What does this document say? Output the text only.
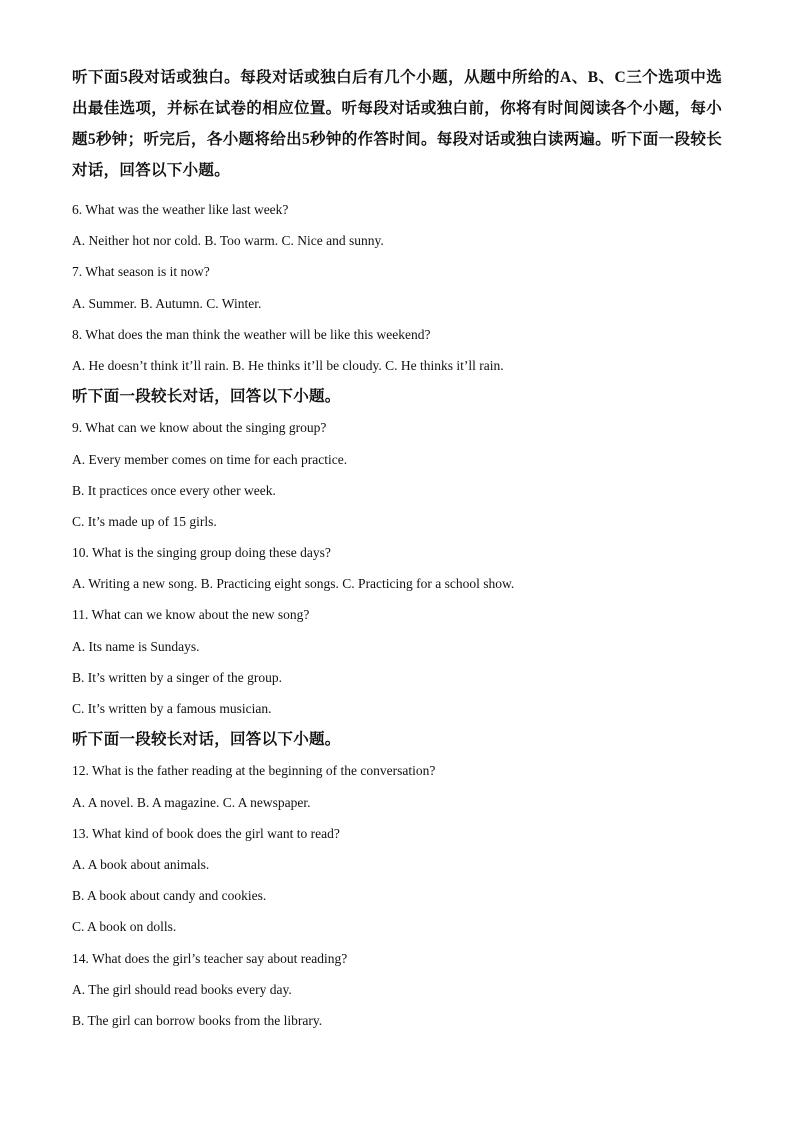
听下面5段对话或独白。每段对话或独白后有几个小题，从题中所给的A、B、C三个选项中选出最佳选项，并标在试卷的相应位置。听每段对话或独白前，你将有时间阅读各个小题，每小题5秒钟；听完后，各小题将给出5秒钟的作答时间。每段对话或独白读两遍。听下面一段较长对话，回答以下小题。
6. What was the weather like last week?
A. Neither hot nor cold. B. Too warm. C. Nice and sunny.
7. What season is it now?
A. Summer. B. Autumn. C. Winter.
8. What does the man think the weather will be like this weekend?
A. He doesn’t think it’ll rain. B. He thinks it’ll be cloudy. C. He thinks it’ll rain.
听下面一段较长对话，回答以下小题。
9. What can we know about the singing group?
A. Every member comes on time for each practice.
B. It practices once every other week.
C. It’s made up of 15 girls.
10. What is the singing group doing these days?
A. Writing a new song. B. Practicing eight songs. C. Practicing for a school show.
11. What can we know about the new song?
A. Its name is Sundays.
B. It’s written by a singer of the group.
C. It’s written by a famous musician.
听下面一段较长对话，回答以下小题。
12. What is the father reading at the beginning of the conversation?
A. A novel. B. A magazine. C. A newspaper.
13. What kind of book does the girl want to read?
A. A book about animals.
B. A book about candy and cookies.
C. A book on dolls.
14. What does the girl’s teacher say about reading?
A. The girl should read books every day.
B. The girl can borrow books from the library.
